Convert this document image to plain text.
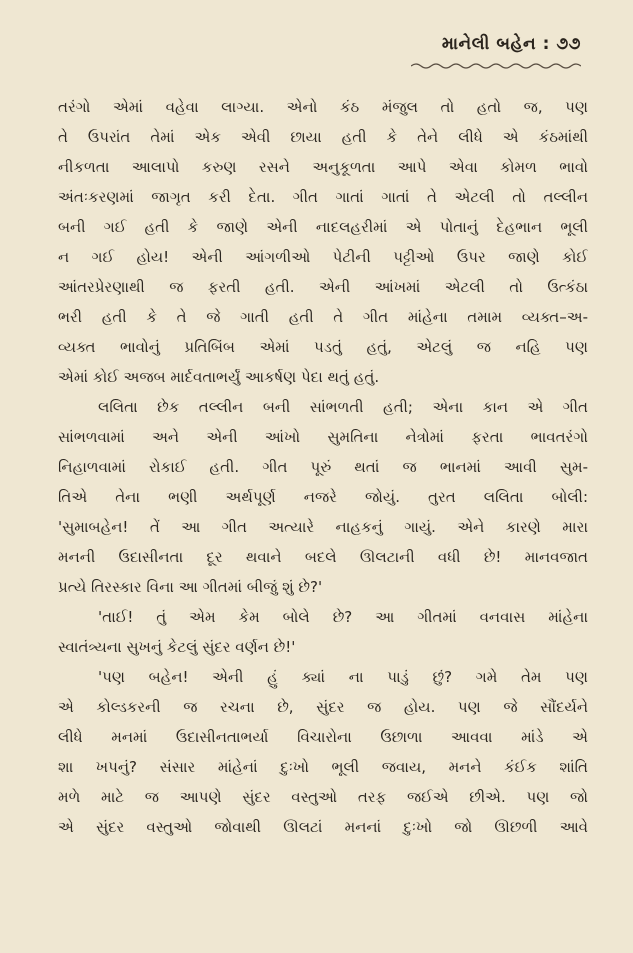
માનેલી બહેન : ૭૭

તરંગો એમાં વહેવા લાગ્યા. એનો કંઠ મંજુલ તો હતો જ, પણ
તે ઉપરાંત તેમાં એક એવી છાયા હતી કે તેને લીધે એ કંઠમાંથી
નીકળતા આલાપો કરુણ રસને અનુકૂળતા આપે એવા કોમળ ભાવો
અંતઃકરણમાં જાગૃત કરી દેતા. ગીત ગાતાં ગાતાં તે એટલી તો તલ્લીન
બની ગઈ હતી કે જાણે એની નાદલહરીમાં એ પોતાનું દેહભાન ભૂલી
ન ગઈ હોય! એની આંગળીઓ પેટીની પટ્ટીઓ ઉપર જાણે કોઈ
આંતરપ્રેરણાથી જ ફરતી હતી. એની આંખમાં એટલી તો ઉત્કંઠા
ભરી હતી કે તે જે ગાતી હતી તે ગીત માંહેના તમામ વ્યક્ત–અ-
વ્યક્ત ભાવોનું પ્રતિબિંબ એમાં પડતું હતું, એટલું જ નહિ પણ
એમાં કોઈ અજબ માર્દવતાભર્યું આકર્ષણ પેદા થતું હતું.

લલિતા છેક તલ્લીન બની સાંભળતી હતી; એના કાન એ ગીત
સાંભળવામાં અને એની આંખો સુમતિના નેત્રોમાં ફરતા ભાવતરંગો
નિહાળવામાં રોકાઈ હતી. ગીત પૂરું થતાં જ ભાનમાં આવી સુમ-
તિએ તેના ભણી અર્થપૂર્ણ નજરે જોયું. તુરત લલિતા બોલી:
'સુમાબહેન! તેં આ ગીત અત્યારે નાહકનું ગાયું. એને કારણે મારા
મનની ઉદાસીનતા દૂર થવાને બદલે ઊલટાની વધી છે! માનવજાત
પ્રત્યે તિરસ્કાર વિના આ ગીતમાં બીજું શું છે?'

'તાઈ! તું એમ કેમ બોલે છે? આ ગીતમાં વનવાસ માંહેના
સ્વાતંત્ર્યના સુખનું કેટલું સુંદર વર્ણન છે!'

'પણ બહેન! એની હું ક્યાં ના પાડું છું? ગમે તેમ પણ
એ કોલ્ડકરની જ રચના છે, સુંદર જ હોય. પણ જે સૌંદર્યને
લીધે મનમાં ઉદાસીનતાભર્યા વિચારોના ઉછાળા આવવા માંડે એ
શા ખપનું? સંસાર માંહેનાં દુઃખો ભૂલી જવાય, મનને કંઈક શાંતિ
મળે માટે જ આપણે સુંદર વસ્તુઓ તરફ જઈએ છીએ. પણ જો
એ સુંદર વસ્તુઓ જોવાથી ઊલટાં મનનાં દુઃખો જો ઊછળી આવે
